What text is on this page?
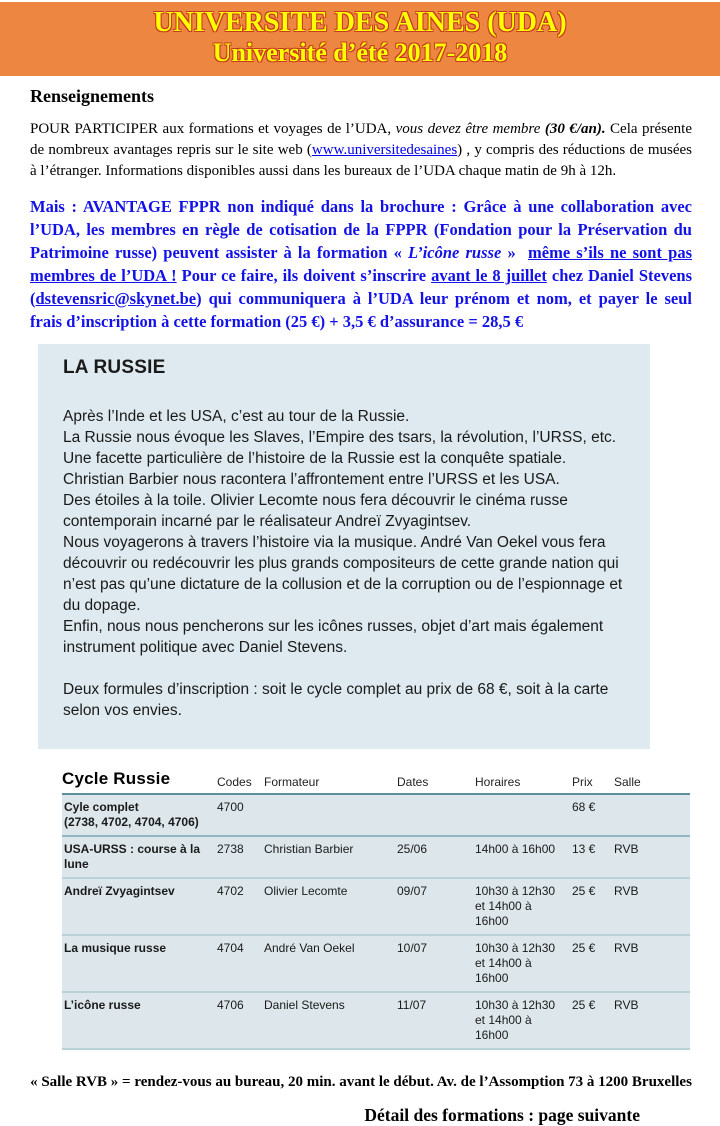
UNIVERSITE DES AINES (UDA)
Université d’été 2017-2018
Renseignements
POUR PARTICIPER aux formations et voyages de l’UDA, vous devez être membre (30 €/an). Cela présente de nombreux avantages repris sur le site web (www.universitedesaines) , y compris des réductions de musées à l’étranger. Informations disponibles aussi dans les bureaux de l’UDA chaque matin de 9h à 12h.
Mais : AVANTAGE FPPR non indiqué dans la brochure : Grâce à une collaboration avec l’UDA, les membres en règle de cotisation de la FPPR (Fondation pour la Préservation du Patrimoine russe) peuvent assister à la formation « L’icône russe »  même s’ils ne sont pas membres de l’UDA ! Pour ce faire, ils doivent s’inscrire avant le 8 juillet chez Daniel Stevens (dstevensric@skynet.be) qui communiquera à l’UDA leur prénom et nom, et payer le seul frais d’inscription à cette formation (25 €) + 3,5 € d’assurance = 28,5 €
LA RUSSIE
Après l’Inde et les USA, c’est au tour de la Russie.
La Russie nous évoque les Slaves, l’Empire des tsars, la révolution, l’URSS, etc.
Une facette particulière de l’histoire de la Russie est la conquête spatiale. Christian Barbier nous racontera l’affrontement entre l’URSS et les USA.
Des étoiles à la toile. Olivier Lecomte nous fera découvrir le cinéma russe contemporain incarné par le réalisateur Andreï Zvyagintsev.
Nous voyagerons à travers l’histoire via la musique. André Van Oekel vous fera découvrir ou redécouvrir les plus grands compositeurs de cette grande nation qui n’est pas qu’une dictature de la collusion et de la corruption ou de l’espionnage et du dopage.
Enfin, nous nous pencherons sur les icônes russes, objet d’art mais également instrument politique avec Daniel Stevens.
Deux formules d’inscription : soit le cycle complet au prix de 68 €, soit à la carte selon vos envies.
Cycle Russie	Codes	Formateur	Dates	Horaires	Prix	Salle

Cyle complet
(2738, 4702, 4704, 4706)	4700				68 €	
USA-URSS : course à la lune	2738	Christian Barbier	25/06	14h00 à 16h00	13 €	RVB
Andreï Zvyagintsev	4702	Olivier Lecomte	09/07	10h30 à 12h30 et 14h00 à 16h00	25 €	RVB
La musique russe	4704	André Van Oekel	10/07	10h30 à 12h30 et 14h00 à 16h00	25 €	RVB
L’icône russe	4706	Daniel Stevens	11/07	10h30 à 12h30 et 14h00 à 16h00	25 €	RVB
« Salle RVB » = rendez-vous au bureau, 20 min. avant le début. Av. de l’Assomption 73 à 1200 Bruxelles
Détail des formations : page suivante
